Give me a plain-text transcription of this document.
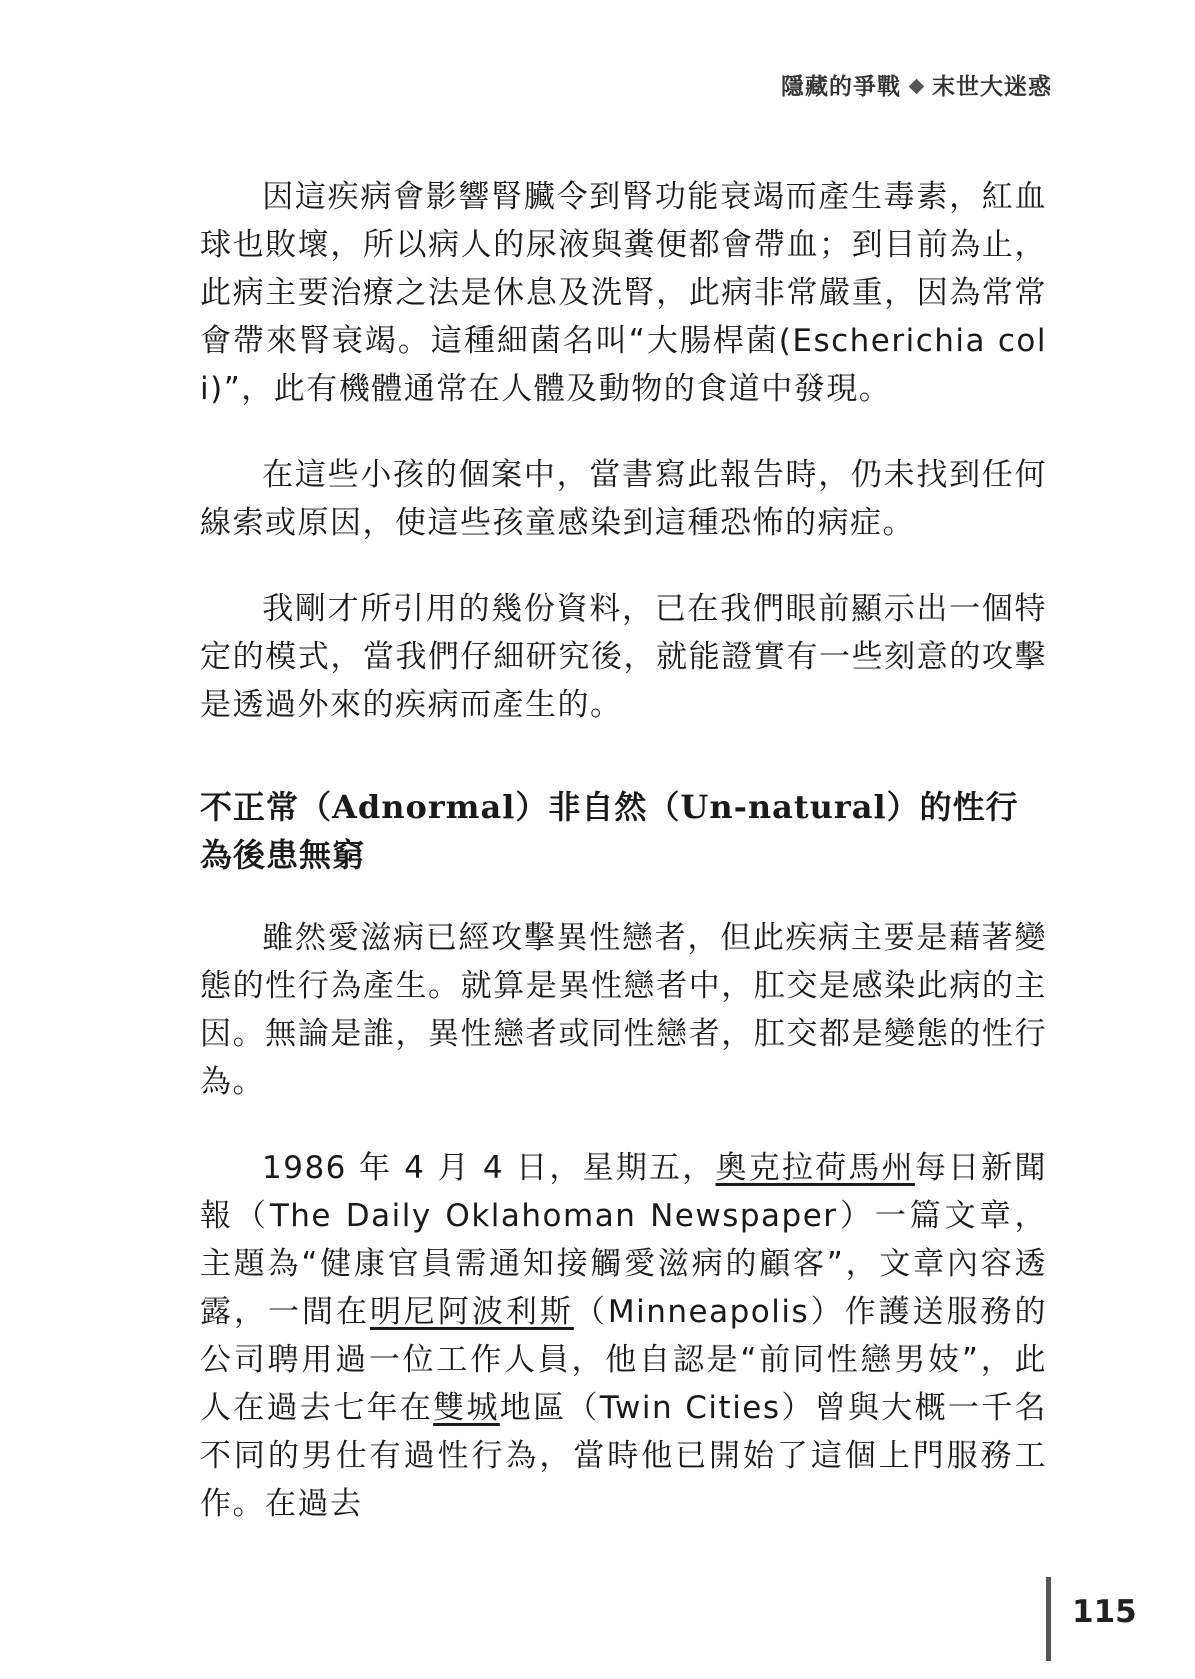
隱藏的爭戰 末世大迷惑

因這疾病會影響腎臟令到腎功能衰竭而產生毒素，紅血球也敗壞，所以病人的尿液與糞便都會帶血；到目前為止，此病主要治療之法是休息及洗腎，此病非常嚴重，因為常常會帶來腎衰竭。這種細菌名叫“大腸桿菌(Escherichia coli)”，此有機體通常在人體及動物的食道中發現。

在這些小孩的個案中，當書寫此報告時，仍未找到任何線索或原因，使這些孩童感染到這種恐怖的病症。

我剛才所引用的幾份資料，已在我們眼前顯示出一個特定的模式，當我們仔細研究後，就能證實有一些刻意的攻擊是透過外來的疾病而產生的。

不正常（Adnormal）非自然（Un-natural）的性行為後患無窮

雖然愛滋病已經攻擊異性戀者，但此疾病主要是藉著變態的性行為產生。就算是異性戀者中，肛交是感染此病的主因。無論是誰，異性戀者或同性戀者，肛交都是變態的性行為。

1986 年 4 月 4 日，星期五，奧克拉荷馬州每日新聞報（The Daily Oklahoman Newspaper）一篇文章，主題為“健康官員需通知接觸愛滋病的顧客”，文章內容透露，一間在明尼阿波利斯（Minneapolis）作護送服務的公司聘用過一位工作人員，他自認是“前同性戀男妓”，此人在過去七年在雙城地區（Twin Cities）曾與大概一千名不同的男仕有過性行為，當時他已開始了這個上門服務工作。在過去

115
